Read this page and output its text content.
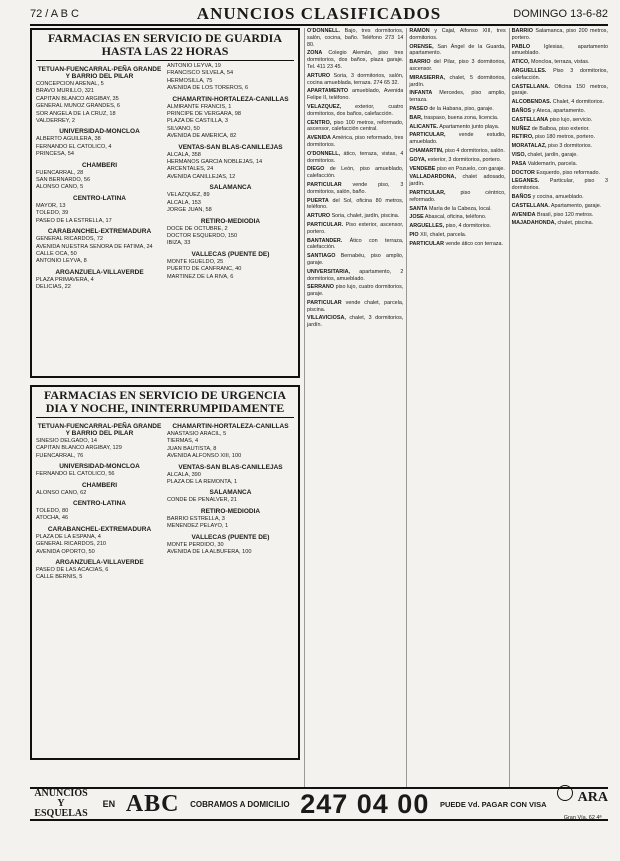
72 / A B C	ANUNCIOS CLASIFICADOS	DOMINGO 13-6-82
FARMACIAS EN SERVICIO DE GUARDIA HASTA LAS 22 HORAS
TETUAN-FUENCARRAL-PEÑA GRANDE Y BARRIO DEL PILAR
CONCEPCION ARENAL, 5
BRAVO MURILLO, 321
CAPITAN BLANCO ARGIBAY, 35
GENERAL MUÑOZ GRANDES, 6
SOR ANGELA DE LA CRUZ, 18
VALDERREY, 2
UNIVERSIDAD-MONCLOA
ALBERTO AGUILERA, 38
FERNANDO EL CATOLICO, 4
PRINCESA, 54
CHAMBERI
FUENCARRAL, 28
SAN BERNARDO, 56
ALONSO CANO, 5
CENTRO-LATINA
MAYOR, 13
TOLEDO, 39
PASEO DE LA ESTRELLA, 17
CARABANCHEL-EXTREMADURA
GENERAL RICARDOS, 72
AVENIDA NUESTRA SEÑORA DE FATIMA, 24
CALLE OCA, 50
ANTONIO LEYVA, 8
ARGANZUELA-VILLAVERDE
PLAZA PRIMAVERA, 4
DELICIAS, 22
ANTONIO LEYVA, 19
FRANCISCO SILVELA, 54
HERMOSILLA, 75
AVENIDA DE LOS TOREROS, 6
CHAMARTIN-HORTALEZA-CANILLAS
ALMIRANTE FRANCIS, 1
PRINCIPE DE VERGARA, 98
PLAZA DE CASTILLA, 3
SILVANO, 50
AVENIDA DE AMERICA, 82
VENTAS-SAN BLAS-CANILLEJAS
ALCALA, 358
HERMANOS GARCIA NOBLEJAS, 14
ARCENTALES, 24
AVENIDA CANILLEJAS, 12
SALAMANCA
VELAZQUEZ, 89
ALCALA, 153
JORGE JUAN, 58
RETIRO-MEDIODIA
DOCE DE OCTUBRE, 2
DOCTOR ESQUERDO, 150
IBIZA, 33
VALLECAS (PUENTE DE)
MONTE IGUELDO, 25
PUERTO DE CANFRANC, 40
MARTINEZ DE LA RIVA, 6
FARMACIAS EN SERVICIO DE URGENCIA DIA Y NOCHE, ININTERRUMPIDAMENTE
TETUAN-FUENCARRAL-PEÑA GRANDE Y BARRIO DEL PILAR
SINESIO DELGADO, 14
CAPITAN BLANCO ARGIBAY, 129
FUENCARRAL, 76
UNIVERSIDAD-MONCLOA
FERNANDO EL CATOLICO, 56
CHAMBERI
ALONSO CANO, 62
CENTRO-LATINA
TOLEDO, 80
ATOCHA, 46
CARABANCHEL-EXTREMADURA
PLAZA DE LA ESPAÑA, 4
GENERAL RICARDOS, 210
AVENIDA OPORTO, 50
ARGANZUELA-VILLAVERDE
PASEO DE LAS ACACIAS, 6
CALLE BERNIS, 5
CHAMARTIN-HORTALEZA-CANILLAS
ANASTASIO ARACIL, 5
TIERMAS, 4
JUAN BAUTISTA, 8
AVENIDA ALFONSO XIII, 100
VENTAS-SAN BLAS-CANILLEJAS
ALCALA, 390
PLAZA DE LA REMONTA, 1
SALAMANCA
CONDE DE PEÑALVER, 21
RETIRO-MEDIODIA
BARRIO ESTRELLA, 3
MENENDEZ PELAYO, 1
VALLECAS (PUENTE DE)
MONTE PERDIDO, 30
AVENIDA DE LA ALBUFERA, 100
O'DONNELL. Bajo, tres dormitorios, salón, cocina, baño. Teléfono 273 14 80.
ZONA Colegio Alemán, piso tres dormitorios, dos baños, plaza garaje. Tel. 411 23 45.
ARTURO Soria, 3 dormitorios, salón, cocina amueblada, terraza. 274 65 32.
APARTAMENTO amueblado, Avenida Felipe II, teléfono.
VELAZQUEZ,	exterior, cuatro dormitorios, dos baños, calefacción.
CENTRO, piso 100 metros, reformado, ascensor, calefacción central.
AVENIDA América, piso reformado, tres dormitorios.
O'DONNELL, ático, terraza, vistas, 4 dormitorios.
DIEGO de León, piso amueblado, calefacción.
PARTICULAR vende piso, 3 dormitorios, salón, baño.
PUERTA del Sol, oficina 80 metros, teléfono.
ARTURO Soria, chalet, jardín, piscina.
PARTICULAR. Piso exterior, ascensor, portero.
BANTANDER. Ático con terraza, calefacción.
SANTIAGO Bernabéu, piso amplio, garaje.
UNIVERSITARIA, apartamento, 2 dormitorios, amueblado.
SERRANO piso lujo, cuatro dormitorios, garaje.
PARTICULAR vende chalet, parcela, piscina.
VILLAVICIOSA, chalet, 3 dormitorios, jardín.
RAMON y Cajal, Alfonso XIII, tres dormitorios.
ORENSE, San Ángel de la Guarda, apartamento.
BARRIO del Pilar, piso 3 dormitorios, ascensor.
MIRASIERRA, chalet, 5 dormitorios, jardín.
INFANTA Mercedes, piso amplio, terraza.
PASEO de la Habana, piso, garaje.
BAR, traspaso, buena zona, licencia.
ALICANTE. Apartamento junto playa.
PARTICULAR, vende estudio, amueblado.
CHAMARTIN, piso 4 dormitorios, salón.
GOYA, exterior, 3 dormitorios, portero.
VENDEBE piso en Pozuelo, con garaje.
VALLADARDONA, chalet adosado, jardín.
PARTICULAR,	piso céntrico, reformado.
SANTA María de la Cabeza, local.
JOSE Abascal, oficina, teléfono.
ARGUELLES, piso, 4 dormitorios.
PIO XII, chalet, parcela.
PARTICULAR vende ático con terraza.
BARRIO Salamanca, piso 200 metros, portero.
PABLO	Iglesias, apartamento amueblado.
ATICO, Moncloa, terraza, vistas.
ARGUELLES. Piso 3 dormitorios, calefacción.
CASTELLANA. Oficina 150 metros, garaje.
ALCOBENDAS. Chalet, 4 dormitorios.
BAÑOS y Ateca, apartamento.
CASTELLANA piso lujo, servicio.
NUÑEZ de Balboa, piso exterior.
RETIRO, piso 180 metros, portero.
MORATALAZ, piso 3 dormitorios.
VISO, chalet, jardín, garaje.
PASA Valdemarín, parcela.
DOCTOR Esquerdo, piso reformado.
LEGANES. Particular, piso 3 dormitorios.
BAÑOS y cocina, amueblado.
CASTELLANA. Apartamento, garaje.
AVENIDA Brasil, piso 120 metros.
MAJADAHONDA, chalet, piscina.
ANUNCIOS Y ESQUELAS
EN ABC COBRAMOS A DOMICILIO 247 04 00 PUEDE Vd. PAGAR CON VISA	ARA
Gran Vía, 62 4ª
